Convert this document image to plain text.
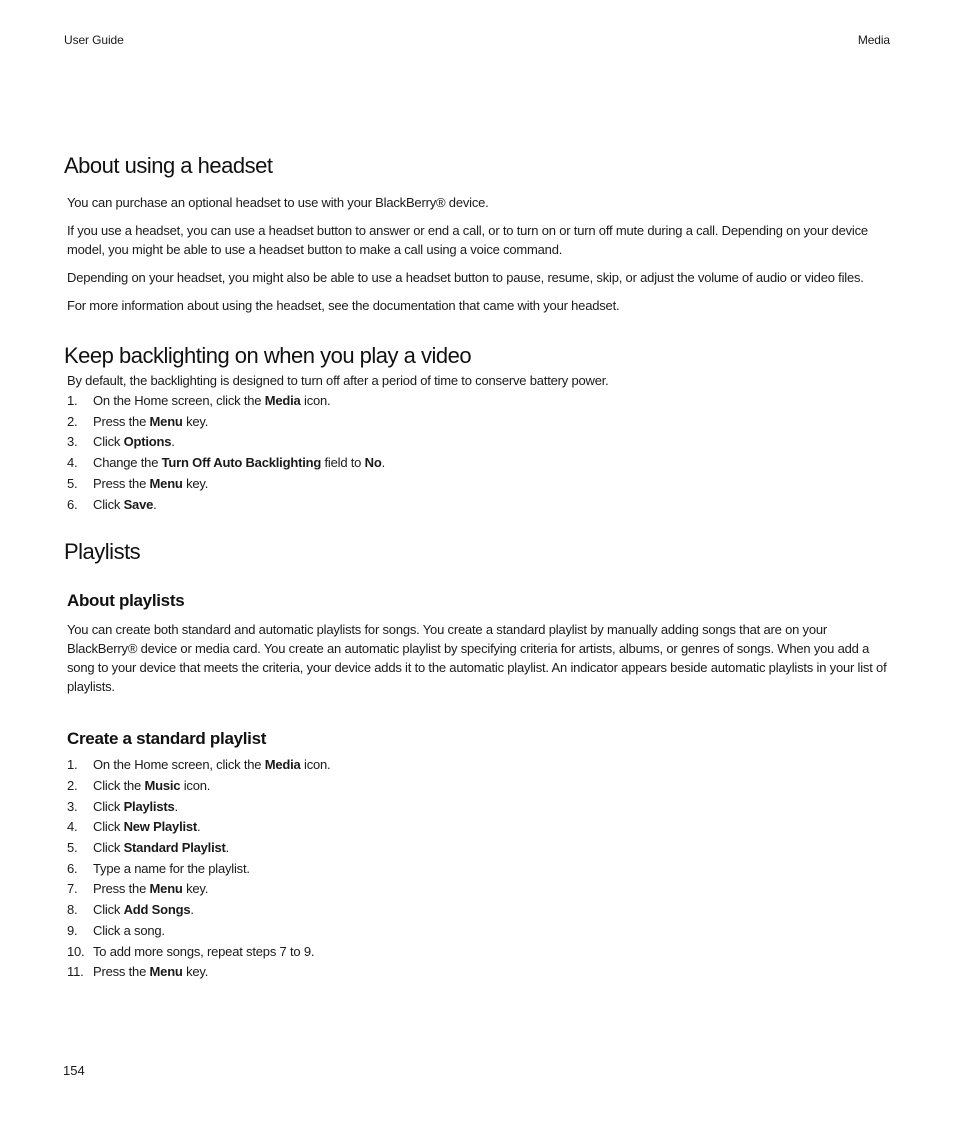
User Guide	Media
About using a headset

You can purchase an optional headset to use with your BlackBerry® device.

If you use a headset, you can use a headset button to answer or end a call, or to turn on or turn off mute during a call. Depending on your device model, you might be able to use a headset button to make a call using a voice command.

Depending on your headset, you might also be able to use a headset button to pause, resume, skip, or adjust the volume of audio or video files.

For more information about using the headset, see the documentation that came with your headset.

Keep backlighting on when you play a video

By default, the backlighting is designed to turn off after a period of time to conserve battery power.

1. On the Home screen, click the Media icon.
2. Press the Menu key.
3. Click Options.
4. Change the Turn Off Auto Backlighting field to No.
5. Press the Menu key.
6. Click Save.
Playlists
About playlists

You can create both standard and automatic playlists for songs. You create a standard playlist by manually adding songs that are on your BlackBerry® device or media card. You create an automatic playlist by specifying criteria for artists, albums, or genres of songs. When you add a song to your device that meets the criteria, your device adds it to the automatic playlist. An indicator appears beside automatic playlists in your list of playlists.

Create a standard playlist
1. On the Home screen, click the Media icon.
2. Click the Music icon.
3. Click Playlists.
4. Click New Playlist.
5. Click Standard Playlist.
6. Type a name for the playlist.
7. Press the Menu key.
8. Click Add Songs.
9. Click a song.
10. To add more songs, repeat steps 7 to 9.
11. Press the Menu key.
154
